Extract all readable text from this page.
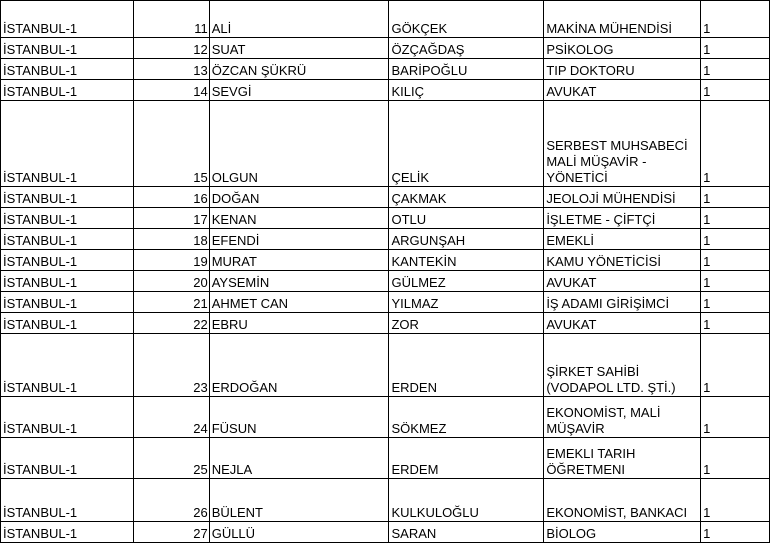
İSTANBUL-1	11	ALİ	GÖKÇEK	MAKİNA MÜHENDİSİ	1
İSTANBUL-1	12	SUAT	ÖZÇAĞDAŞ	PSİKOLOG	1
İSTANBUL-1	13	ÖZCAN ŞÜKRÜ	BARİPOĞLU	TIP DOKTORU	1
İSTANBUL-1	14	SEVGİ	KILIÇ	AVUKAT	1
İSTANBUL-1	15	OLGUN	ÇELİK	SERBEST MUHSABECİ
MALİ MÜŞAVİR -
YÖNETİCİ	1
İSTANBUL-1	16	DOĞAN	ÇAKMAK	JEOLOJİ MÜHENDİSİ	1
İSTANBUL-1	17	KENAN	OTLU	İŞLETME - ÇİFTÇİ	1
İSTANBUL-1	18	EFENDİ	ARGUNŞAH	EMEKLİ	1
İSTANBUL-1	19	MURAT	KANTEKİN	KAMU YÖNETİCİSİ	1
İSTANBUL-1	20	AYSEMİN	GÜLMEZ	AVUKAT	1
İSTANBUL-1	21	AHMET CAN	YILMAZ	İŞ ADAMI GİRİŞİMCİ	1
İSTANBUL-1	22	EBRU	ZOR	AVUKAT	1
İSTANBUL-1	23	ERDOĞAN	ERDEN	ŞİRKET SAHİBİ
(VODAPOL LTD. ŞTİ.)	1
İSTANBUL-1	24	FÜSUN	SÖKMEZ	EKONOMİST, MALİ
MÜŞAVİR	1
İSTANBUL-1	25	NEJLA	ERDEM	EMEKLI TARIH
ÖĞRETMENI	1
İSTANBUL-1	26	BÜLENT	KULKULOĞLU	EKONOMİST, BANKACI	1
İSTANBUL-1	27	GÜLLÜ	SARAN	BİOLOG	1
